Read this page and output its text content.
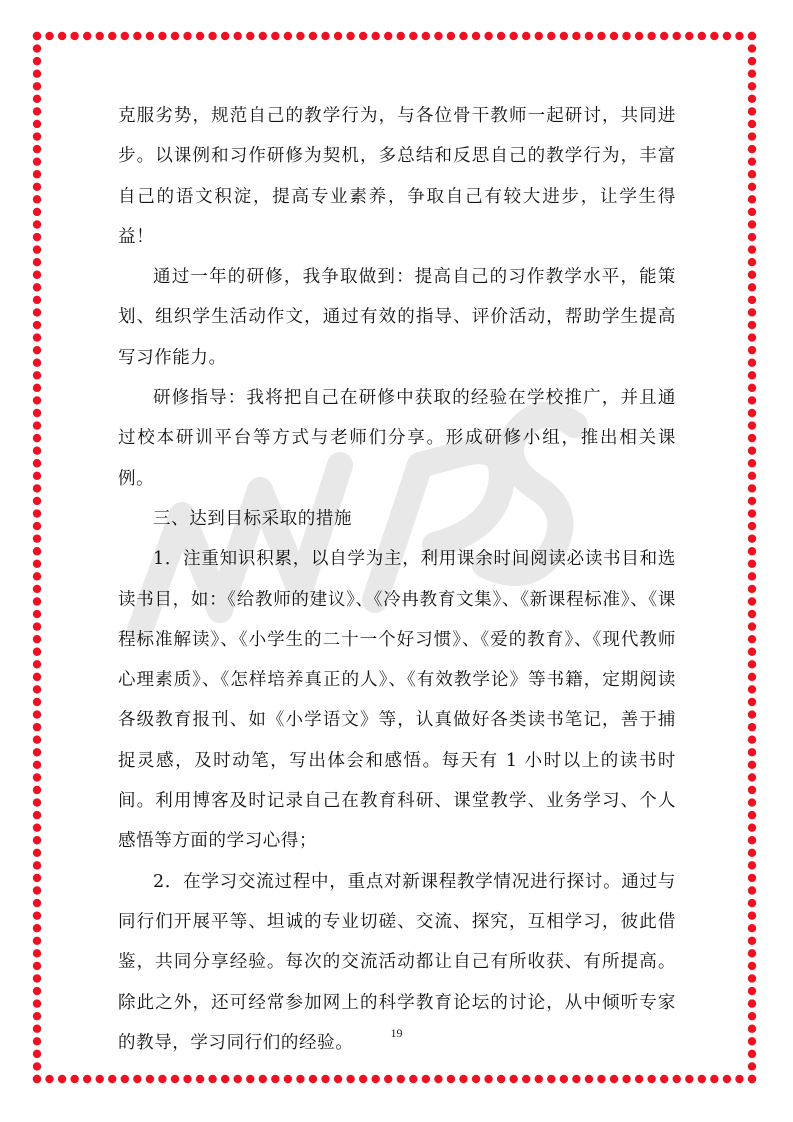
克服劣势，规范自己的教学行为，与各位骨干教师一起研讨，共同进步。以课例和习作研修为契机，多总结和反思自己的教学行为，丰富自己的语文积淀，提高专业素养，争取自己有较大进步，让学生得益！

通过一年的研修，我争取做到：提高自己的习作教学水平，能策划、组织学生活动作文，通过有效的指导、评价活动，帮助学生提高写习作能力。

研修指导：我将把自己在研修中获取的经验在学校推广，并且通过校本研训平台等方式与老师们分享。形成研修小组，推出相关课例。

三、达到目标采取的措施

1．注重知识积累，以自学为主，利用课余时间阅读必读书目和选读书目，如：《给教师的建议》、《冷冉教育文集》、《新课程标准》、《课程标准解读》、《小学生的二十一个好习惯》、《爱的教育》、《现代教师心理素质》、《怎样培养真正的人》、《有效教学论》等书籍，定期阅读各级教育报刊、如《小学语文》等，认真做好各类读书笔记，善于捕捉灵感，及时动笔，写出体会和感悟。每天有 1 小时以上的读书时间。利用博客及时记录自己在教育科研、课堂教学、业务学习、个人感悟等方面的学习心得；

2．在学习交流过程中，重点对新课程教学情况进行探讨。通过与同行们开展平等、坦诚的专业切磋、交流、探究，互相学习，彼此借鉴，共同分享经验。每次的交流活动都让自己有所收获、有所提高。除此之外，还可经常参加网上的科学教育论坛的讨论，从中倾听专家的教导，学习同行们的经验。	19
